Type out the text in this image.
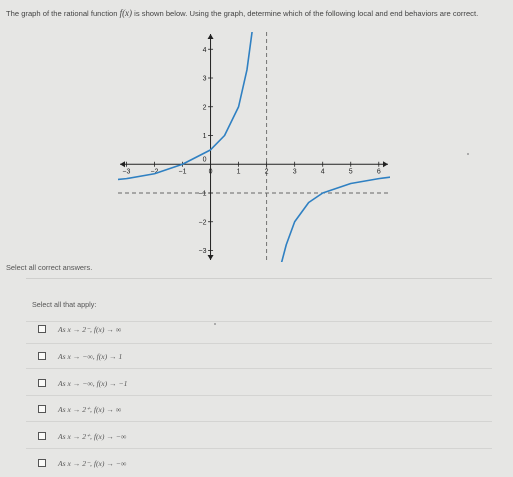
The graph of the rational function f(x) is shown below. Using the graph, determine which of the following local and end behaviors are correct.
−3	−2	−1	0	1	2	3	4	5	6
−3
−2
−1
1
2
3
4
0
Select all correct answers.
Select all that apply:
As x → 2⁻, f(x) → ∞
As x → −∞, f(x) → 1
As x → −∞, f(x) → −1
As x → 2⁺, f(x) → ∞
As x → 2⁺, f(x) → −∞
As x → 2⁻, f(x) → −∞
